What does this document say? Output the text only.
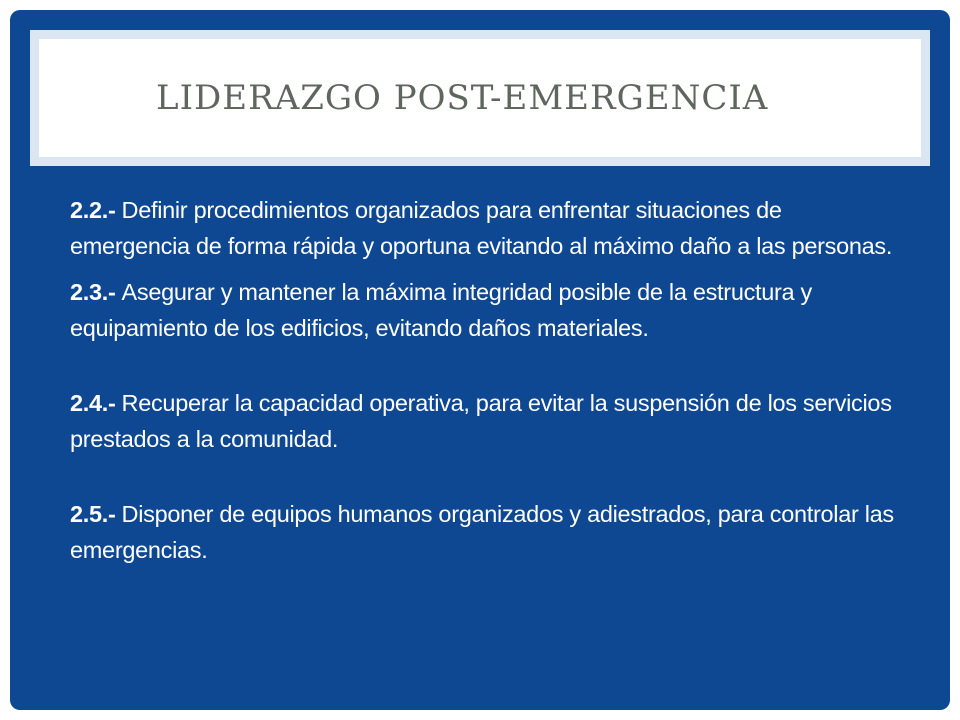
LIDERAZGO POST-EMERGENCIA

2.2.- Definir procedimientos organizados para enfrentar situaciones de emergencia de forma rápida y oportuna evitando al máximo daño a las personas.

2.3.- Asegurar y mantener la máxima integridad posible de la estructura y equipamiento de los edificios, evitando daños materiales.

2.4.- Recuperar la capacidad operativa, para evitar la suspensión de los servicios prestados a la comunidad.

2.5.- Disponer de equipos humanos organizados y adiestrados, para controlar las emergencias.
